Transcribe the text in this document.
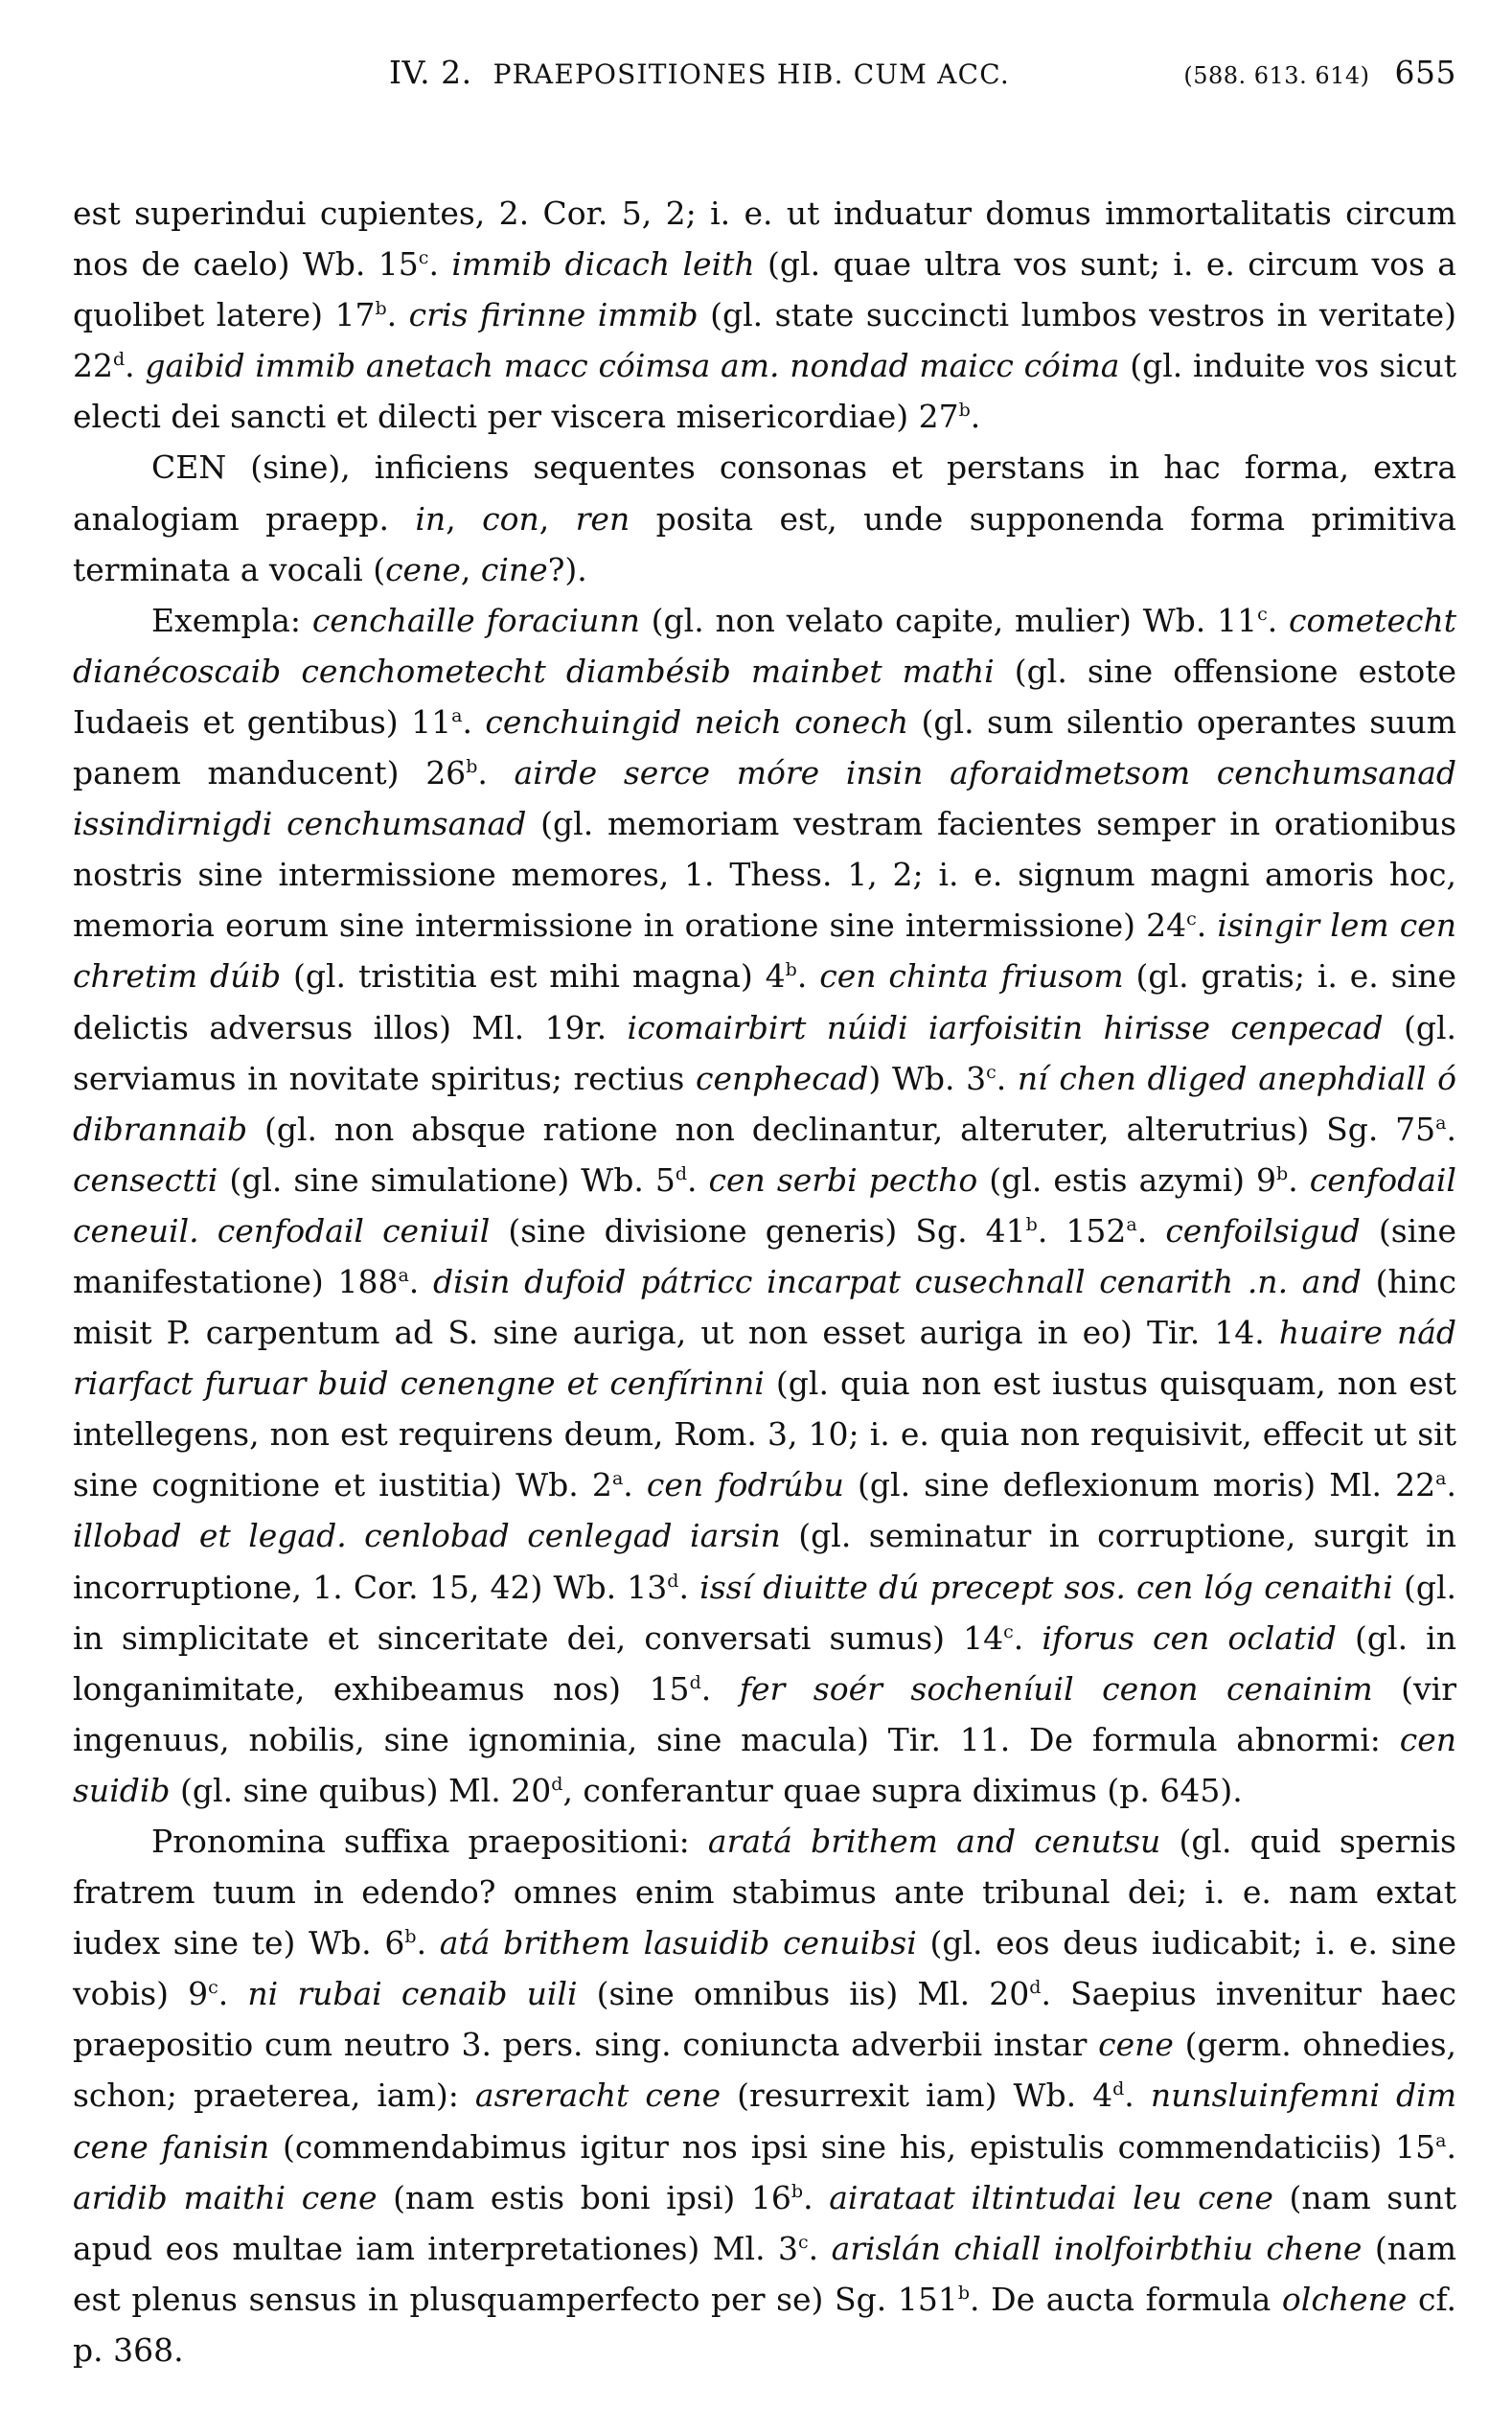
IV. 2. PRAEPOSITIONES HIB. CUM ACC.	(588. 613. 614) 655

est superindui cupientes, 2. Cor. 5, 2; i. e. ut induatur domus immortalitatis circum nos de caelo) Wb. 15$^c$. immib dicach leith (gl. quae ultra vos sunt; i. e. circum vos a quolibet latere) 17$^b$. cris firinne immib (gl. state succincti lumbos vestros in veritate) 22$^d$. gaibid immib anetach macc cóimsa am. nondad maicc cóima (gl. induite vos sicut electi dei sancti et dilecti per viscera misericordiae) 27$^b$.

CEN (sine), inficiens sequentes consonas et perstans in hac forma, extra analogiam praepp. in, con, ren posita est, unde supponenda forma primitiva terminata a vocali (cene, cine?).

Exempla: cenchaille foraciunn (gl. non velato capite, mulier) Wb. 11$^c$. cometecht dianécoscaib cenchometecht diambésib mainbet mathi (gl. sine offensione estote Iudaeis et gentibus) 11$^a$. cenchuingid neich conech (gl. sum silentio operantes suum panem manducent) 26$^b$. airde serce móre insin aforaidmetsom cenchumsanad issindirnigdi cenchumsanad (gl. memoriam vestram facientes semper in orationibus nostris sine intermissione memores, 1. Thess. 1, 2; i. e. signum magni amoris hoc, memoria eorum sine intermissione in oratione sine intermissione) 24$^c$. isingir lem cen chretim dúib (gl. tristitia est mihi magna) 4$^b$. cen chinta friusom (gl. gratis; i. e. sine delictis adversus illos) Ml. 19r. icomairbirt núidi iarfoisitin hirisse cenpecad (gl. serviamus in novitate spiritus; rectius cenphecad) Wb. 3$^c$. ní chen dliged anephdiall ó dibrannaib (gl. non absque ratione non declinantur, alteruter, alterutrius) Sg. 75$^a$. censectti (gl. sine simulatione) Wb. 5$^d$. cen serbi pectho (gl. estis azymi) 9$^b$. cenfodail ceneuil. cenfodail ceniuil (sine divisione generis) Sg. 41$^b$. 152$^a$. cenfoilsigud (sine manifestatione) 188$^a$. disin dufoid pátricc incarpat cusechnall cenarith .n. and (hinc misit P. carpentum ad S. sine auriga, ut non esset auriga in eo) Tir. 14. huaire nád riarfact furuar buid cenengne et cenfírinni (gl. quia non est iustus quisquam, non est intellegens, non est requirens deum, Rom. 3, 10; i. e. quia non requisivit, effecit ut sit sine cognitione et iustitia) Wb. 2$^a$. cen fodrúbu (gl. sine deflexionum moris) Ml. 22$^a$. illobad et legad. cenlobad cenlegad iarsin (gl. seminatur in corruptione, surgit in incorruptione, 1. Cor. 15, 42) Wb. 13$^d$. issí diuitte dú precept sos. cen lóg cenaithi (gl. in simplicitate et sinceritate dei, conversati sumus) 14$^c$. iforus cen oclatid (gl. in longanimitate, exhibeamus nos) 15$^d$. fer soér socheníuil cenon cenainim (vir ingenuus, nobilis, sine ignominia, sine macula) Tir. 11. De formula abnormi: cen suidib (gl. sine quibus) Ml. 20$^d$, conferantur quae supra diximus (p. 645).

Pronomina suffixa praepositioni: aratá brithem and cenutsu (gl. quid spernis fratrem tuum in edendo? omnes enim stabimus ante tribunal dei; i. e. nam extat iudex sine te) Wb. 6$^b$. atá brithem lasuidib cenuibsi (gl. eos deus iudicabit; i. e. sine vobis) 9$^c$. ni rubai cenaib uili (sine omnibus iis) Ml. 20$^d$. Saepius invenitur haec praepositio cum neutro 3. pers. sing. coniuncta adverbii instar cene (germ. ohnedies, schon; praeterea, iam): asreracht cene (resurrexit iam) Wb. 4$^d$. nunsluinfemni dim cene fanisin (commendabimus igitur nos ipsi sine his, epistulis commendaticiis) 15$^a$. aridib maithi cene (nam estis boni ipsi) 16$^b$. airataat iltintudai leu cene (nam sunt apud eos multae iam interpretationes) Ml. 3$^c$. arislán chiall inolfoirbthiu chene (nam est plenus sensus in plusquamperfecto per se) Sg. 151$^b$. De aucta formula olchene cf. p. 368.
